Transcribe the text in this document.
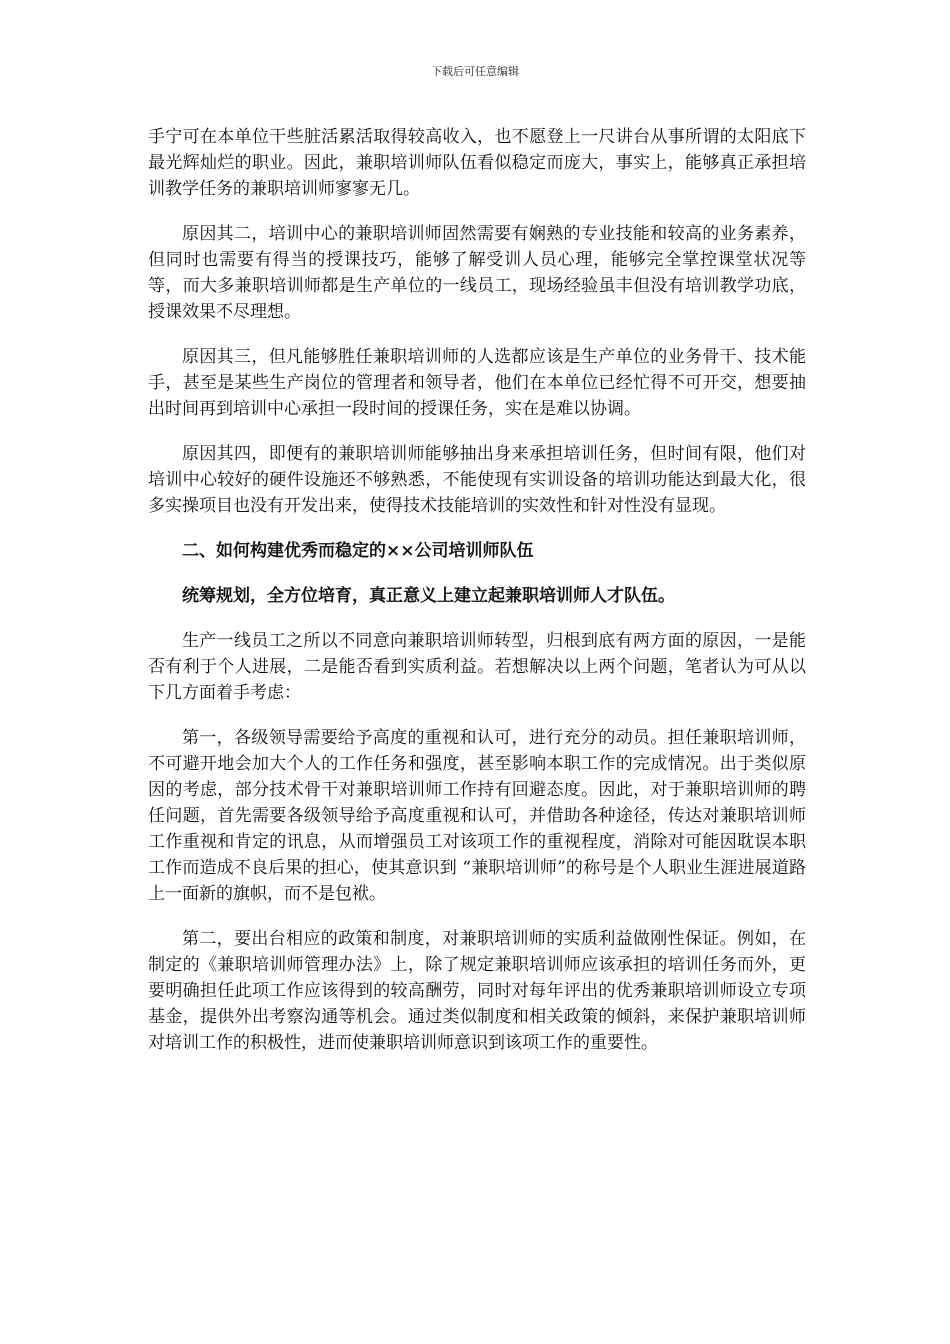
下载后可任意编辑

手宁可在本单位干些脏活累活取得较高收入，也不愿登上一尺讲台从事所谓的太阳底下最光辉灿烂的职业。因此，兼职培训师队伍看似稳定而庞大，事实上，能够真正承担培训教学任务的兼职培训师寥寥无几。

原因其二，培训中心的兼职培训师固然需要有娴熟的专业技能和较高的业务素养，但同时也需要有得当的授课技巧，能够了解受训人员心理，能够完全掌控课堂状况等等，而大多兼职培训师都是生产单位的一线员工，现场经验虽丰但没有培训教学功底，授课效果不尽理想。

原因其三，但凡能够胜任兼职培训师的人选都应该是生产单位的业务骨干、技术能手，甚至是某些生产岗位的管理者和领导者，他们在本单位已经忙得不可开交，想要抽出时间再到培训中心承担一段时间的授课任务，实在是难以协调。

原因其四，即便有的兼职培训师能够抽出身来承担培训任务，但时间有限，他们对培训中心较好的硬件设施还不够熟悉，不能使现有实训设备的培训功能达到最大化，很多实操项目也没有开发出来，使得技术技能培训的实效性和针对性没有显现。

二、如何构建优秀而稳定的××公司培训师队伍

统筹规划，全方位培育，真正意义上建立起兼职培训师人才队伍。

生产一线员工之所以不同意向兼职培训师转型，归根到底有两方面的原因，一是能否有利于个人进展，二是能否看到实质利益。若想解决以上两个问题，笔者认为可从以下几方面着手考虑：

第一，各级领导需要给予高度的重视和认可，进行充分的动员。担任兼职培训师，不可避开地会加大个人的工作任务和强度，甚至影响本职工作的完成情况。出于类似原因的考虑，部分技术骨干对兼职培训师工作持有回避态度。因此，对于兼职培训师的聘任问题，首先需要各级领导给予高度重视和认可，并借助各种途径，传达对兼职培训师工作重视和肯定的讯息，从而增强员工对该项工作的重视程度，消除对可能因耽误本职工作而造成不良后果的担心，使其意识到 “兼职培训师”的称号是个人职业生涯进展道路上一面新的旗帜，而不是包袱。

第二，要出台相应的政策和制度，对兼职培训师的实质利益做刚性保证。例如，在制定的《兼职培训师管理办法》上，除了规定兼职培训师应该承担的培训任务而外，更要明确担任此项工作应该得到的较高酬劳，同时对每年评出的优秀兼职培训师设立专项基金，提供外出考察沟通等机会。通过类似制度和相关政策的倾斜，来保护兼职培训师对培训工作的积极性，进而使兼职培训师意识到该项工作的重要性。
